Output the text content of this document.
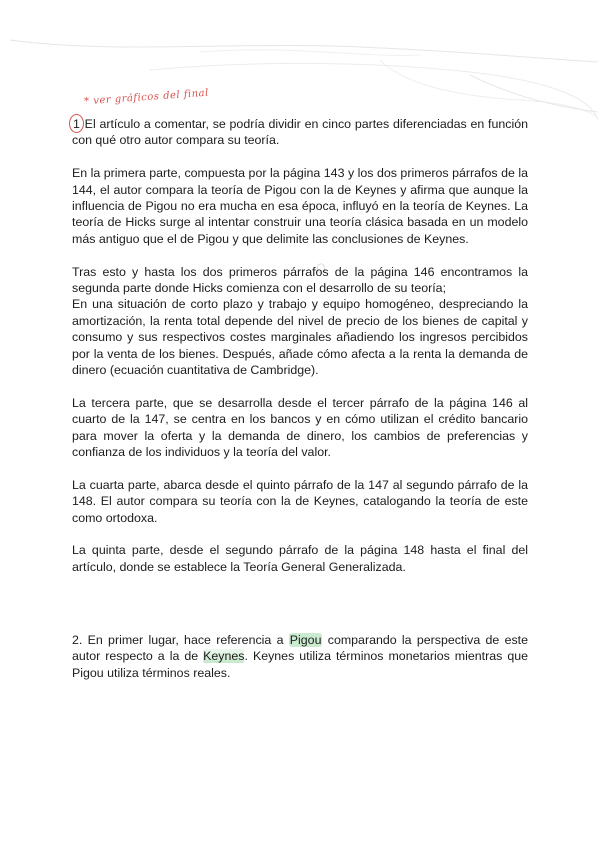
* ver gráficos del final

1 El artículo a comentar, se podría dividir en cinco partes diferenciadas en función con qué otro autor compara su teoría.

En la primera parte, compuesta por la página 143 y los dos primeros párrafos de la 144, el autor compara la teoría de Pigou con la de Keynes y afirma que aunque la influencia de Pigou no era mucha en esa época, influyó en la teoría de Keynes. La teoría de Hicks surge al intentar construir una teoría clásica basada en un modelo más antiguo que el de Pigou y que delimite las conclusiones de Keynes.

Tras esto y hasta los dos primeros párrafos de la página 146 encontramos la segunda parte donde Hicks comienza con el desarrollo de su teoría;

En una situación de corto plazo y trabajo y equipo homogéneo, despreciando la amortización, la renta total depende del nivel de precio de los bienes de capital y consumo y sus respectivos costes marginales añadiendo los ingresos percibidos por la venta de los bienes. Después, añade cómo afecta a la renta la demanda de dinero (ecuación cuantitativa de Cambridge).

La tercera parte, que se desarrolla desde el tercer párrafo de la página 146 al cuarto de la 147, se centra en los bancos y en cómo utilizan el crédito bancario para mover la oferta y la demanda de dinero, los cambios de preferencias y confianza de los individuos y la teoría del valor.

La cuarta parte, abarca desde el quinto párrafo de la 147 al segundo párrafo de la 148. El autor compara su teoría con la de Keynes, catalogando la teoría de este como ortodoxa.

La quinta parte, desde el segundo párrafo de la página 148 hasta el final del artículo, donde se establece la Teoría General Generalizada.

2. En primer lugar, hace referencia a Pigou comparando la perspectiva de este autor respecto a la de Keynes. Keynes utiliza términos monetarios mientras que Pigou utiliza términos reales.
